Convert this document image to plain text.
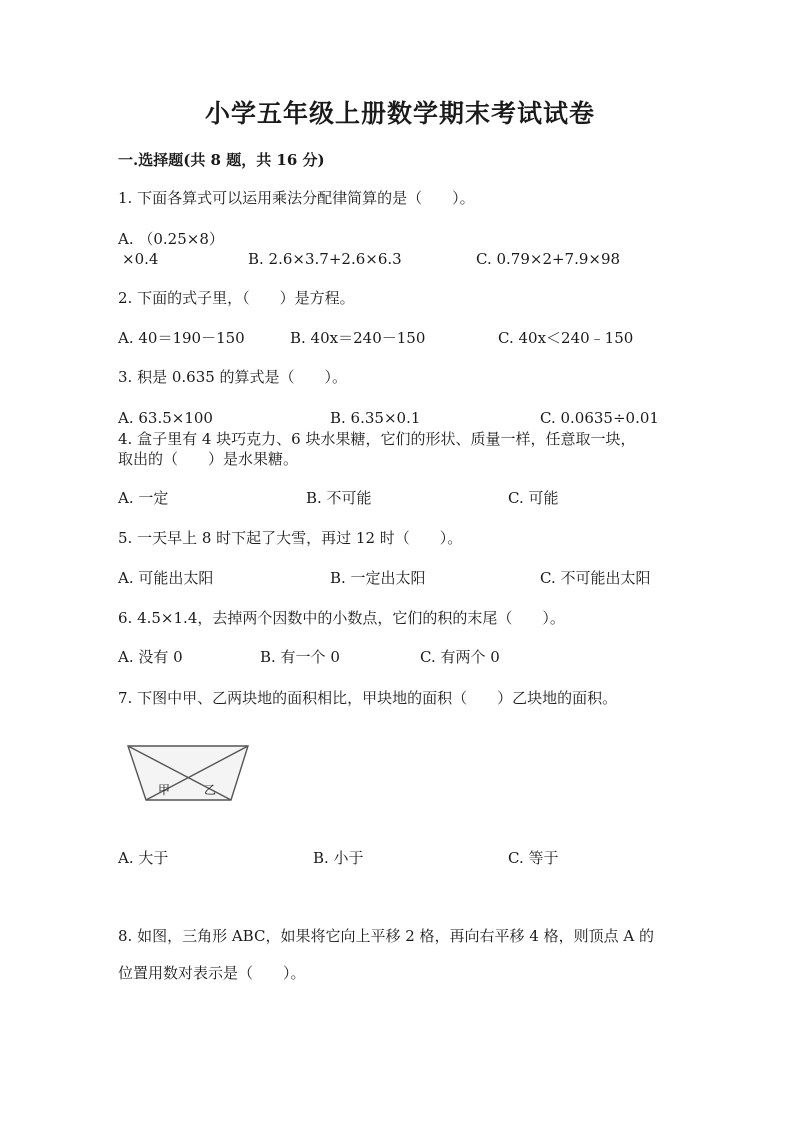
小学五年级上册数学期末考试试卷
一.选择题(共 8 题，共 16 分)
1. 下面各算式可以运用乘法分配律简算的是（　　）。
A. （0.25×8）
×0.4	B. 2.6×3.7+2.6×6.3	C. 0.79×2+7.9×98
2. 下面的式子里，（　　）是方程。
A. 40＝190－150	B. 40x＝240－150	C. 40x＜240﹣150
3. 积是 0.635 的算式是（　　）。
A. 63.5×100	B. 6.35×0.1	C. 0.0635÷0.01
4. 盒子里有 4 块巧克力、6 块水果糖，它们的形状、质量一样，任意取一块，
取出的（　　）是水果糖。
A. 一定	B. 不可能	C. 可能
5. 一天早上 8 时下起了大雪，再过 12 时（　　）。
A. 可能出太阳	B. 一定出太阳	C. 不可能出太阳
6. 4.5×1.4，去掉两个因数中的小数点，它们的积的末尾（　　）。
A. 没有 0	B. 有一个 0	C. 有两个 0
7. 下图中甲、乙两块地的面积相比，甲块地的面积（　　）乙块地的面积。
甲	乙
A. 大于	B. 小于	C. 等于
8. 如图，三角形 ABC，如果将它向上平移 2 格，再向右平移 4 格，则顶点 A 的
位置用数对表示是（　　）。
